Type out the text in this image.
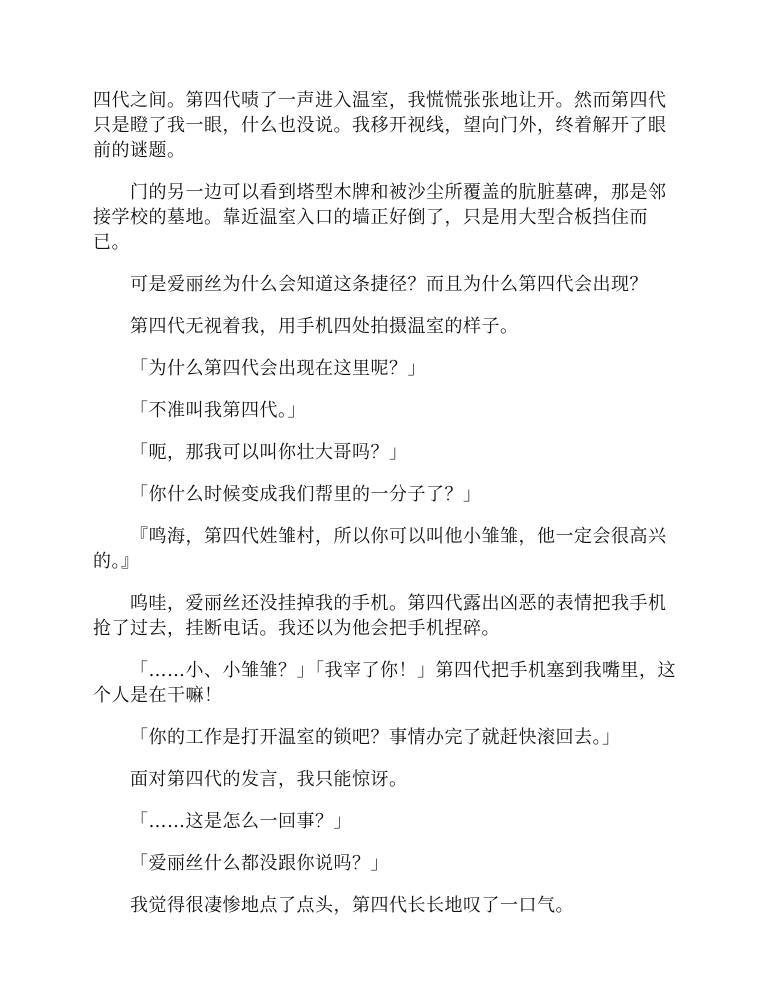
四代之间。第四代啧了一声进入温室，我慌慌张张地让开。然而第四代只是瞪了我一眼，什么也没说。我移开视线，望向门外，终着解开了眼前的谜题。

门的另一边可以看到塔型木牌和被沙尘所覆盖的肮脏墓碑，那是邻接学校的墓地。靠近温室入口的墙正好倒了，只是用大型合板挡住而已。

可是爱丽丝为什么会知道这条捷径？而且为什么第四代会出现？

第四代无视着我，用手机四处拍摄温室的样子。

「为什么第四代会出现在这里呢？」

「不准叫我第四代。」

「呃，那我可以叫你壮大哥吗？」

「你什么时候变成我们帮里的一分子了？」

『鸣海，第四代姓雏村，所以你可以叫他小雏雏，他一定会很高兴的。』

呜哇，爱丽丝还没挂掉我的手机。第四代露出凶恶的表情把我手机抢了过去，挂断电话。我还以为他会把手机捏碎。

「……小、小雏雏？」「我宰了你！」第四代把手机塞到我嘴里，这个人是在干嘛！

「你的工作是打开温室的锁吧？事情办完了就赶快滚回去。」

面对第四代的发言，我只能惊讶。

「……这是怎么一回事？」

「爱丽丝什么都没跟你说吗？」

我觉得很凄惨地点了点头，第四代长长地叹了一口气。
